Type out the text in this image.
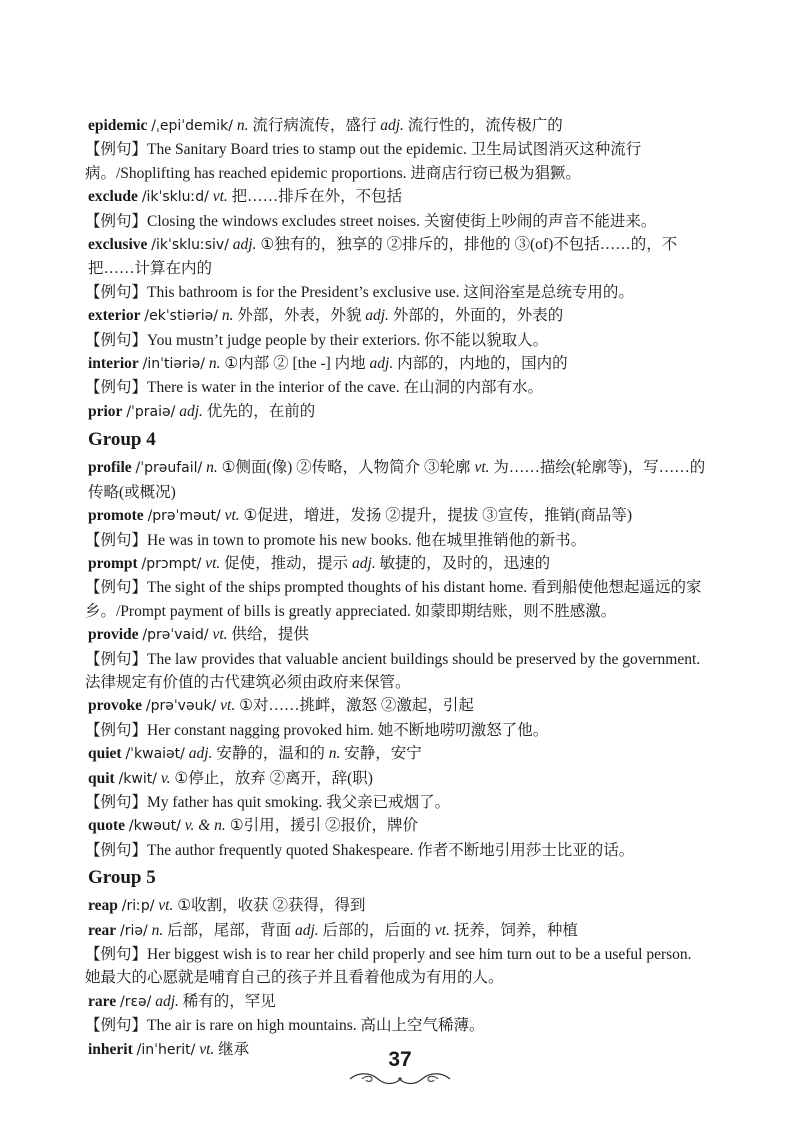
epidemic /ˌepiˈdemik/ n. 流行病流传，盛行 adj. 流行性的，流传极广的
【例句】The Sanitary Board tries to stamp out the epidemic. 卫生局试图消灭这种流行病。/Shoplifting has reached epidemic proportions. 进商店行窃已极为猖獗。
exclude /ikˈskluːd/ vt. 把……排斥在外，不包括
【例句】Closing the windows excludes street noises. 关窗使街上吵闹的声音不能进来。
exclusive /ikˈskluːsiv/ adj. ①独有的，独享的 ②排斥的，排他的 ③(of)不包括……的，不把……计算在内的
【例句】This bathroom is for the President’s exclusive use. 这间浴室是总统专用的。
exterior /ekˈstiəriə/ n. 外部，外表，外貌 adj. 外部的，外面的，外表的
【例句】You mustn’t judge people by their exteriors. 你不能以貌取人。
interior /inˈtiəriə/ n. ①内部 ② [the -] 内地 adj. 内部的，内地的，国内的
【例句】There is water in the interior of the cave. 在山洞的内部有水。
prior /ˈpraiə/ adj. 优先的，在前的
Group 4
profile /ˈprəufail/ n. ①侧面(像) ②传略，人物简介 ③轮廓 vt. 为……描绘(轮廓等)，写……的传略(或概况)
promote /prəˈməut/ vt. ①促进，增进，发扬 ②提升，提拔 ③宣传，推销(商品等)
【例句】He was in town to promote his new books. 他在城里推销他的新书。
prompt /prɔmpt/ vt. 促使，推动，提示 adj. 敏捷的，及时的，迅速的
【例句】The sight of the ships prompted thoughts of his distant home. 看到船使他想起遥远的家乡。/Prompt payment of bills is greatly appreciated. 如蒙即期结账，则不胜感激。
provide /prəˈvaid/ vt. 供给，提供
【例句】The law provides that valuable ancient buildings should be preserved by the government. 法律规定有价值的古代建筑必须由政府来保管。
provoke /prəˈvəuk/ vt. ①对……挑衅，激怒 ②激起，引起
【例句】Her constant nagging provoked him. 她不断地唠叨激怒了他。
quiet /ˈkwaiət/ adj. 安静的，温和的 n. 安静，安宁
quit /kwit/ v. ①停止，放弃 ②离开，辞(职)
【例句】My father has quit smoking. 我父亲已戒烟了。
quote /kwəut/ v. & n. ①引用，援引 ②报价，牌价
【例句】The author frequently quoted Shakespeare. 作者不断地引用莎士比亚的话。
Group 5
reap /riːp/ vt. ①收割，收获 ②获得，得到
rear /riə/ n. 后部，尾部，背面 adj. 后部的，后面的 vt. 抚养，饲养，种植
【例句】Her biggest wish is to rear her child properly and see him turn out to be a useful person. 她最大的心愿就是哺育自己的孩子并且看着他成为有用的人。
rare /rεə/ adj. 稀有的，罕见
【例句】The air is rare on high mountains. 高山上空气稀薄。
inherit /inˈherit/ vt. 继承	37
